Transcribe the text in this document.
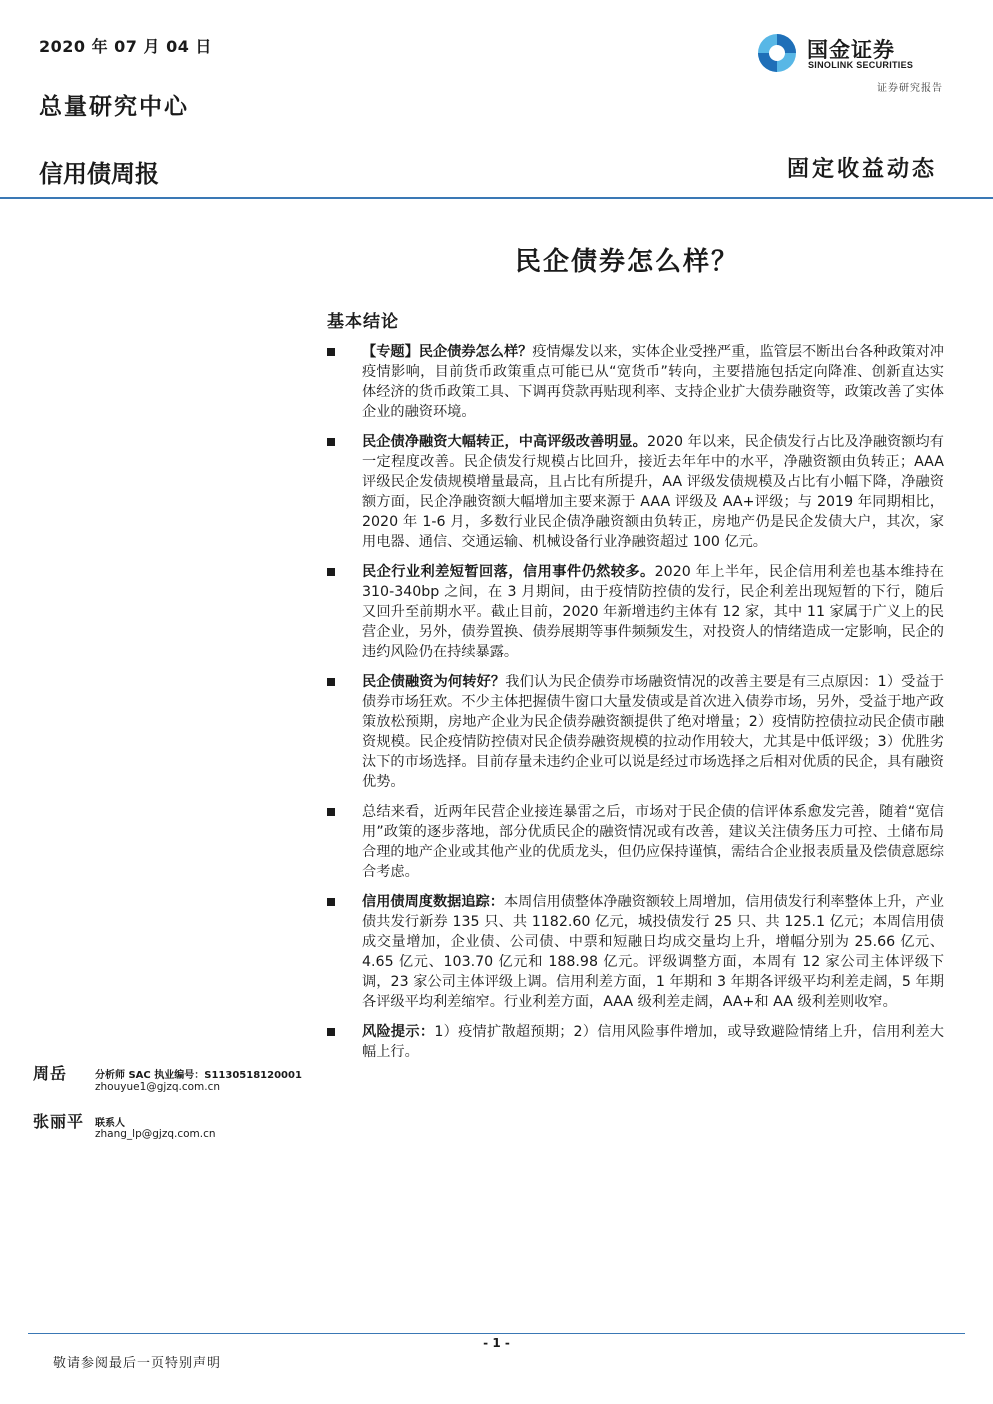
2020 年 07 月 04 日
总量研究中心
信用债周报	固定收益动态
国金证券
SINOLINK SECURITIES
证券研究报告
民企债券怎么样？
基本结论
【专题】民企债券怎么样？疫情爆发以来，实体企业受挫严重，监管层不断出台各种政策对冲疫情影响，目前货币政策重点可能已从“宽货币”转向，主要措施包括定向降准、创新直达实体经济的货币政策工具、下调再贷款再贴现利率、支持企业扩大债券融资等，政策改善了实体企业的融资环境。
民企债净融资大幅转正，中高评级改善明显。2020 年以来，民企债发行占比及净融资额均有一定程度改善。民企债发行规模占比回升，接近去年年中的水平，净融资额由负转正；AAA 评级民企发债规模增量最高，且占比有所提升，AA 评级发债规模及占比有小幅下降，净融资额方面，民企净融资额大幅增加主要来源于 AAA 评级及 AA+评级；与 2019 年同期相比，2020 年 1-6 月，多数行业民企债净融资额由负转正，房地产仍是民企发债大户，其次，家用电器、通信、交通运输、机械设备行业净融资超过 100 亿元。
民企行业利差短暂回落，信用事件仍然较多。2020 年上半年，民企信用利差也基本维持在 310-340bp 之间，在 3 月期间，由于疫情防控债的发行，民企利差出现短暂的下行，随后又回升至前期水平。截止目前，2020 年新增违约主体有 12 家，其中 11 家属于广义上的民营企业，另外，债券置换、债券展期等事件频频发生，对投资人的情绪造成一定影响，民企的违约风险仍在持续暴露。
民企债融资为何转好？我们认为民企债券市场融资情况的改善主要是有三点原因：1）受益于债券市场狂欢。不少主体把握债牛窗口大量发债或是首次进入债券市场，另外，受益于地产政策放松预期，房地产企业为民企债券融资额提供了绝对增量；2）疫情防控债拉动民企债市融资规模。民企疫情防控债对民企债券融资规模的拉动作用较大，尤其是中低评级；3）优胜劣汰下的市场选择。目前存量未违约企业可以说是经过市场选择之后相对优质的民企，具有融资优势。
总结来看，近两年民营企业接连暴雷之后，市场对于民企债的信评体系愈发完善，随着“宽信用”政策的逐步落地，部分优质民企的融资情况或有改善，建议关注债务压力可控、土储布局合理的地产企业或其他产业的优质龙头，但仍应保持谨慎，需结合企业报表质量及偿债意愿综合考虑。
信用债周度数据追踪：本周信用债整体净融资额较上周增加，信用债发行利率整体上升，产业债共发行新券 135 只、共 1182.60 亿元，城投债发行 25 只、共 125.1 亿元；本周信用债成交量增加，企业债、公司债、中票和短融日均成交量均上升，增幅分别为 25.66 亿元、4.65 亿元、103.70 亿元和 188.98 亿元。评级调整方面，本周有 12 家公司主体评级下调，23 家公司主体评级上调。信用利差方面，1 年期和 3 年期各评级平均利差走阔，5 年期各评级平均利差缩窄。行业利差方面，AAA 级利差走阔，AA+和 AA 级利差则收窄。
风险提示：1）疫情扩散超预期；2）信用风险事件增加，或导致避险情绪上升，信用利差大幅上行。
周岳	分析师 SAC 执业编号：S1130518120001
zhouyue1@gjzq.com.cn
张丽平 联系人
zhang_lp@gjzq.com.cn
- 1 -
敬请参阅最后一页特别声明
